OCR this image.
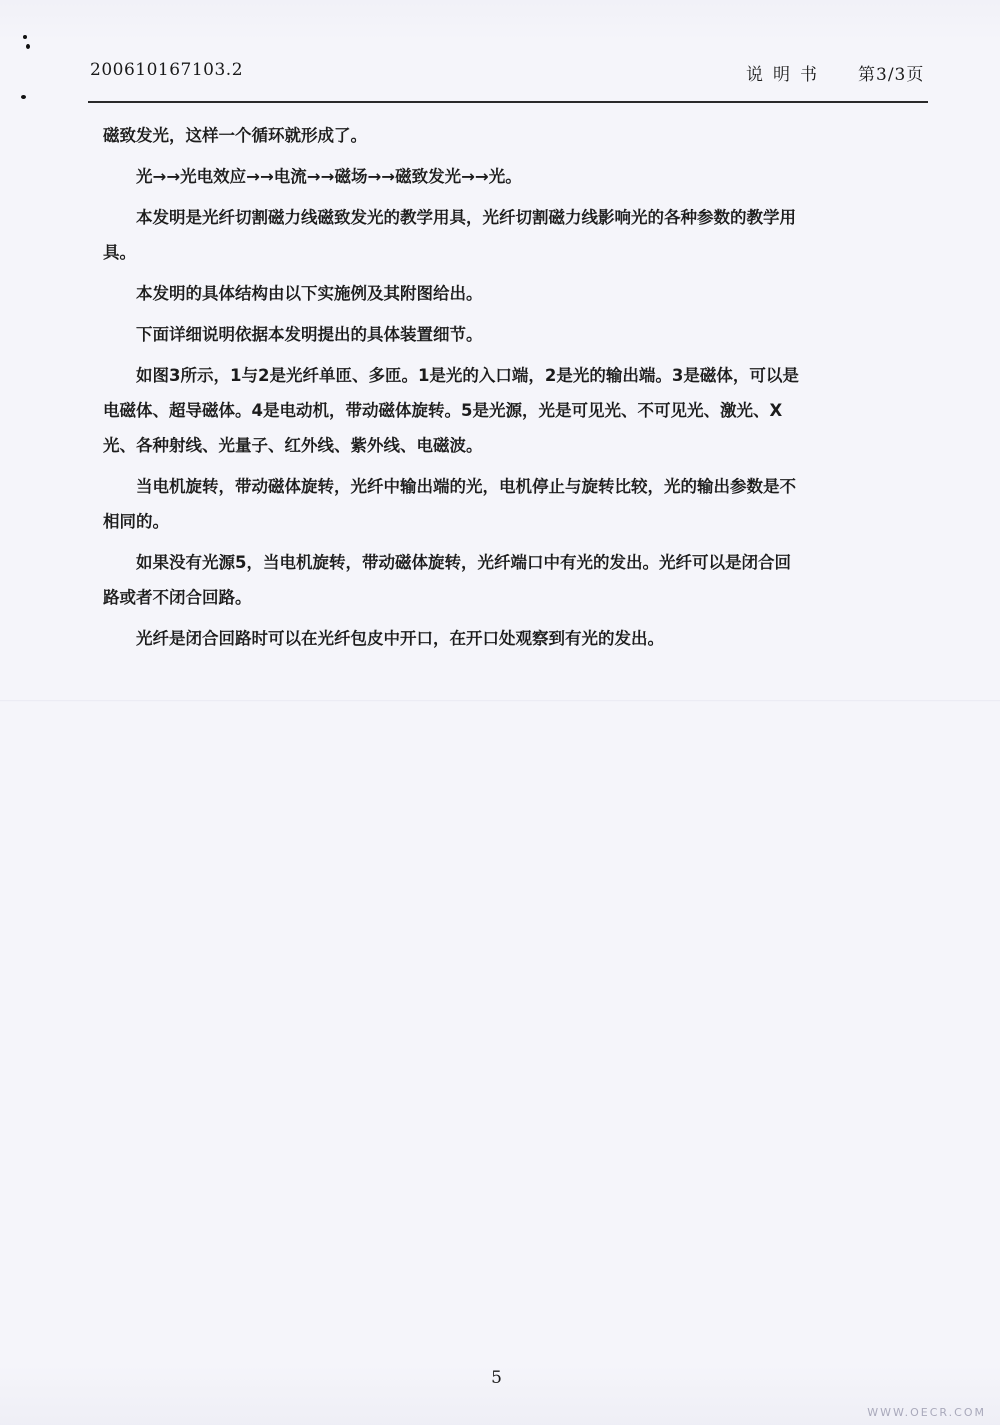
200610167103.2	说明书 第3/3页

磁致发光，这样一个循环就形成了。

光→→光电效应→→电流→→磁场→→磁致发光→→光。

本发明是光纤切割磁力线磁致发光的教学用具，光纤切割磁力线影响光的各种参数的教学用具。

本发明的具体结构由以下实施例及其附图给出。

下面详细说明依据本发明提出的具体装置细节。

如图3所示，1与2是光纤单匝、多匝。1是光的入口端，2是光的输出端。3是磁体，可以是电磁体、超导磁体。4是电动机，带动磁体旋转。5是光源，光是可见光、不可见光、激光、X光、各种射线、光量子、红外线、紫外线、电磁波。

当电机旋转，带动磁体旋转，光纤中输出端的光，电机停止与旋转比较，光的输出参数是不相同的。

如果没有光源5，当电机旋转，带动磁体旋转，光纤端口中有光的发出。光纤可以是闭合回路或者不闭合回路。

光纤是闭合回路时可以在光纤包皮中开口，在开口处观察到有光的发出。

5
WWW.OECR.COM
